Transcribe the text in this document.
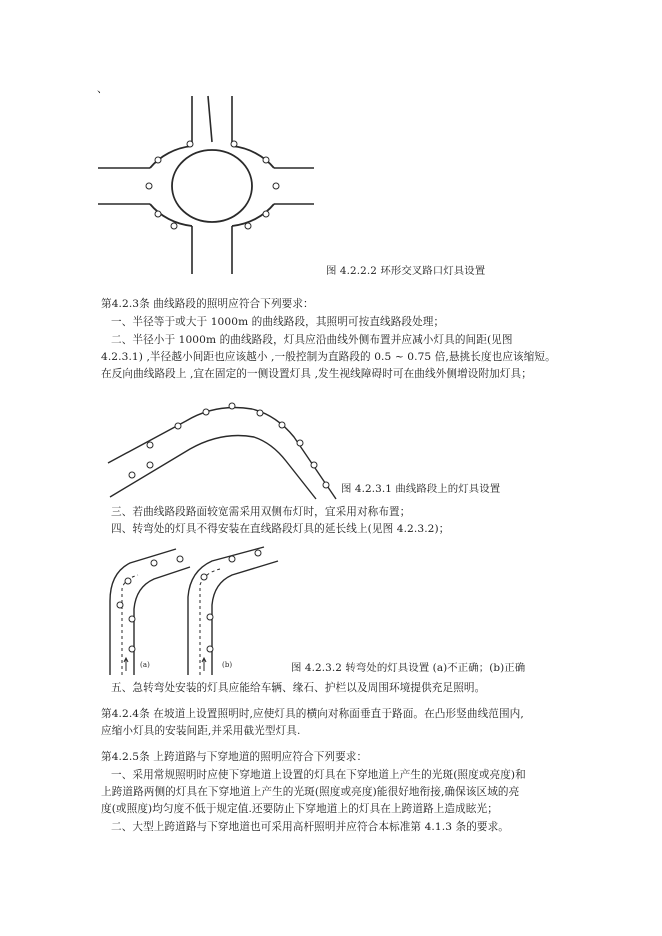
、
图 4.2.2.2 环形交叉路口灯具设置
第4.2.3条 曲线路段的照明应符合下列要求：
一、半径等于或大于 1000m 的曲线路段，其照明可按直线路段处理；
二、半径小于 1000m 的曲线路段，灯具应沿曲线外侧布置并应减小灯具的间距(见图
4.2.3.1) ,半径越小间距也应该越小 ,一般控制为直路段的 0.5 ~ 0.75 倍,悬挑长度也应该缩短。
在反向曲线路段上 ,宜在固定的一侧设置灯具 ,发生视线障碍时可在曲线外侧增设附加灯具；
图 4.2.3.1 曲线路段上的灯具设置
三、若曲线路段路面较宽需采用双侧布灯时，宜采用对称布置；
四、转弯处的灯具不得安装在直线路段灯具的延长线上(见图 4.2.3.2)；
(a)	(b)	图 4.2.3.2 转弯处的灯具设置 (a)不正确；(b)正确
五、急转弯处安装的灯具应能给车辆、缘石、护栏以及周围环境提供充足照明。
第4.2.4条 在坡道上设置照明时,应使灯具的横向对称面垂直于路面。在凸形竖曲线范围内,
应缩小灯具的安装间距,并采用截光型灯具.
第4.2.5条 上跨道路与下穿地道的照明应符合下列要求：
一、采用常规照明时应使下穿地道上设置的灯具在下穿地道上产生的光斑(照度或亮度)和
上跨道路两侧的灯具在下穿地道上产生的光斑(照度或亮度)能很好地衔接,确保该区域的亮
度(或照度)均匀度不低于规定值.还要防止下穿地道上的灯具在上跨道路上造成眩光；
二、大型上跨道路与下穿地道也可采用高杆照明并应符合本标准第 4.1.3 条的要求。
